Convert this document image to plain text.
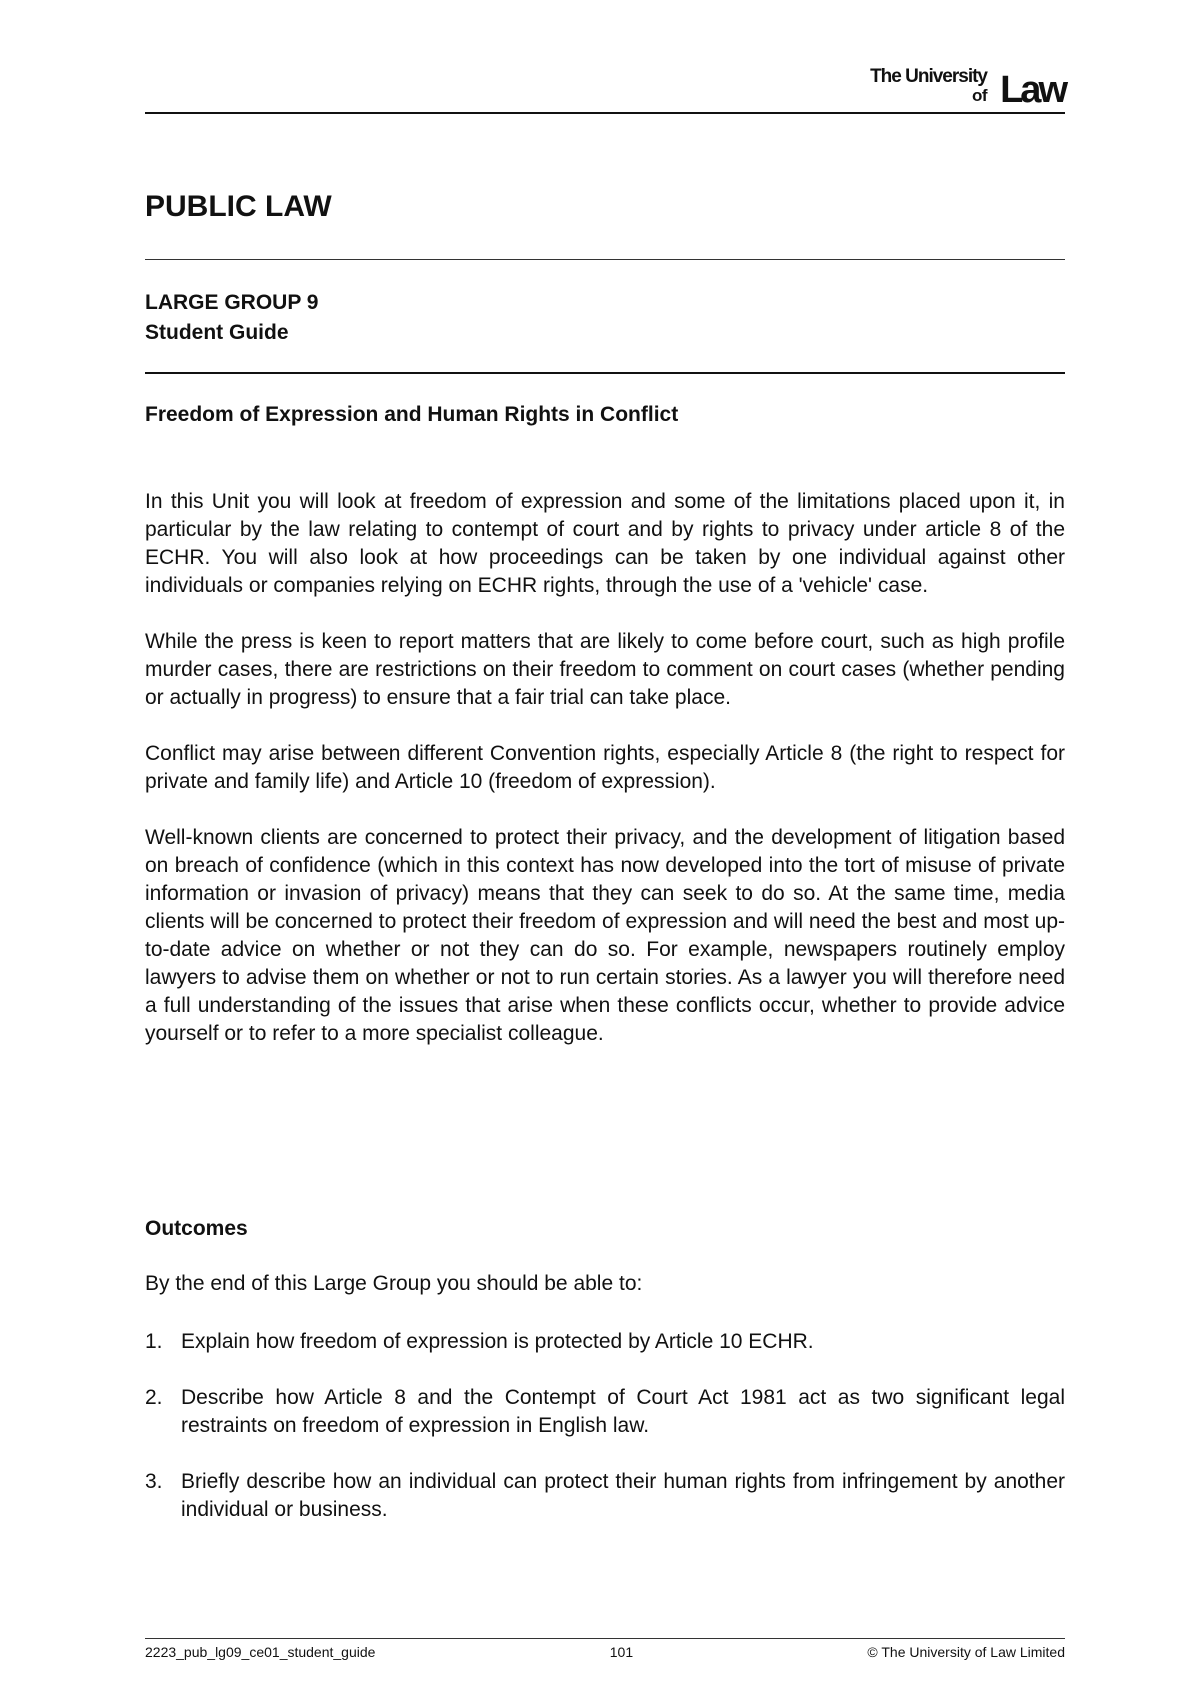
The University
of Law
PUBLIC LAW
LARGE GROUP 9
Student Guide
Freedom of Expression and Human Rights in Conflict

In this Unit you will look at freedom of expression and some of the limitations placed upon it, in particular by the law relating to contempt of court and by rights to privacy under article 8 of the ECHR. You will also look at how proceedings can be taken by one individual against other individuals or companies relying on ECHR rights, through the use of a 'vehicle' case.

While the press is keen to report matters that are likely to come before court, such as high profile murder cases, there are restrictions on their freedom to comment on court cases (whether pending or actually in progress) to ensure that a fair trial can take place.

Conflict may arise between different Convention rights, especially Article 8 (the right to respect for private and family life) and Article 10 (freedom of expression).

Well-known clients are concerned to protect their privacy, and the development of litigation based on breach of confidence (which in this context has now developed into the tort of misuse of private information or invasion of privacy) means that they can seek to do so. At the same time, media clients will be concerned to protect their freedom of expression and will need the best and most up-to-date advice on whether or not they can do so. For example, newspapers routinely employ lawyers to advise them on whether or not to run certain stories. As a lawyer you will therefore need a full understanding of the issues that arise when these conflicts occur, whether to provide advice yourself or to refer to a more specialist colleague.

Outcomes

By the end of this Large Group you should be able to:

1. Explain how freedom of expression is protected by Article 10 ECHR.
2. Describe how Article 8 and the Contempt of Court Act 1981 act as two significant legal restraints on freedom of expression in English law.
3. Briefly describe how an individual can protect their human rights from infringement by another individual or business.
2223_pub_lg09_ce01_student_guide	101	© The University of Law Limited
